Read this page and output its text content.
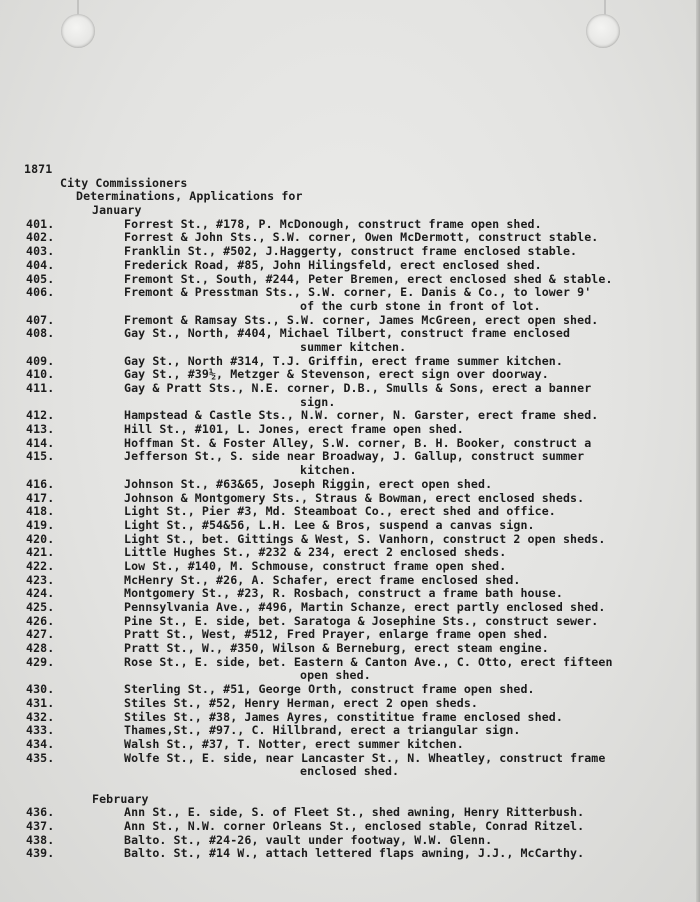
1871
City Commissioners
Determinations, Applications for
January
401.	Forrest St., #178, P. McDonough, construct frame open shed.
402.	Forrest & John Sts., S.W. corner, Owen McDermott, construct stable.
403.	Franklin St., #502, J.Haggerty, construct frame enclosed stable.
404.	Frederick Road, #85, John Hilingsfeld, erect enclosed shed.
405.	Fremont St., South, #244, Peter Bremen, erect enclosed shed & stable.
406.	Fremont & Presstman Sts., S.W. corner, E. Danis & Co., to lower 9'
of the curb stone in front of lot.
407.	Fremont & Ramsay Sts., S.W. corner, James McGreen, erect open shed.
408.	Gay St., North, #404, Michael Tilbert, construct frame enclosed
summer kitchen.
409.	Gay St., North #314, T.J. Griffin, erect frame summer kitchen.
410.	Gay St., #39½, Metzger & Stevenson, erect sign over doorway.
411.	Gay & Pratt Sts., N.E. corner, D.B., Smulls & Sons, erect a banner
sign.
412.	Hampstead & Castle Sts., N.W. corner, N. Garster, erect frame shed.
413.	Hill St., #101, L. Jones, erect frame open shed.
414.	Hoffman St. & Foster Alley, S.W. corner, B. H. Booker, construct a
415.	Jefferson St., S. side near Broadway, J. Gallup, construct summer
kitchen.
416.	Johnson St., #63&65, Joseph Riggin, erect open shed.
417.	Johnson & Montgomery Sts., Straus & Bowman, erect enclosed sheds.
418.	Light St., Pier #3, Md. Steamboat Co., erect shed and office.
419.	Light St., #54&56, L.H. Lee & Bros, suspend a canvas sign.
420.	Light St., bet. Gittings & West, S. Vanhorn, construct 2 open sheds.
421.	Little Hughes St., #232 & 234, erect 2 enclosed sheds.
422.	Low St., #140, M. Schmouse, construct frame open shed.
423.	McHenry St., #26, A. Schafer, erect frame enclosed shed.
424.	Montgomery St., #23, R. Rosbach, construct a frame bath house.
425.	Pennsylvania Ave., #496, Martin Schanze, erect partly enclosed shed.
426.	Pine St., E. side, bet. Saratoga & Josephine Sts., construct sewer.
427.	Pratt St., West, #512, Fred Prayer, enlarge frame open shed.
428.	Pratt St., W., #350, Wilson & Berneburg, erect steam engine.
429.	Rose St., E. side, bet. Eastern & Canton Ave., C. Otto, erect fifteen
open shed.
430.	Sterling St., #51, George Orth, construct frame open shed.
431.	Stiles St., #52, Henry Herman, erect 2 open sheds.
432.	Stiles St., #38, James Ayres, constititue frame enclosed shed.
433.	Thames,St., #97., C. Hillbrand, erect a triangular sign.
434.	Walsh St., #37, T. Notter, erect summer kitchen.
435.	Wolfe St., E. side, near Lancaster St., N. Wheatley, construct frame
enclosed shed.
February
436.	Ann St., E. side, S. of Fleet St., shed awning, Henry Ritterbush.
437.	Ann St., N.W. corner Orleans St., enclosed stable, Conrad Ritzel.
438.	Balto. St., #24-26, vault under footway, W.W. Glenn.
439.	Balto. St., #14 W., attach lettered flaps awning, J.J., McCarthy.
